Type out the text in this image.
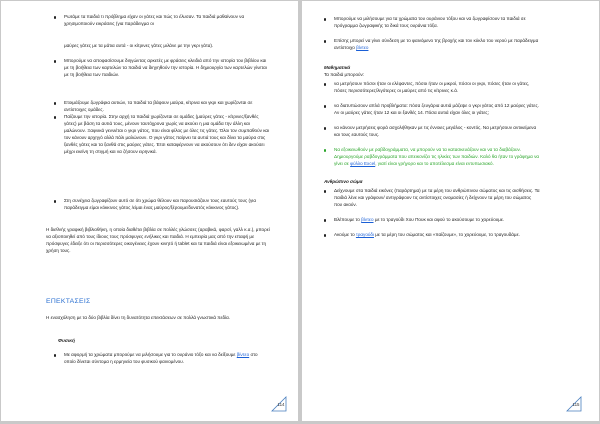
Ρωτάμε τα παιδιά τι πρόβλημα είχαν οι γάτες και πώς το έλυσαν. Τα παιδιά μαθαίνουν να χρησιμοποιούν εικράσεις (για παράδειγμα οι
μαύρες γάτες με τα μάτια αυτά - οι κίτρινες γάτες μιλάνε με την γκρι γάτα).
Μπορούμε να αποφασίσουμε διηγώντας αρκετές με φράσεις κλειδιά από την ιστορία του βιβλίου και με τη βοήθεια των καρτελών τα παιδιά να διηγηθούν την ιστορία. Η δημιουργία των καρτελών γίνεται με τη βοήθεια των παιδιών.
Ετοιμάζουμε ζωγράφια αυτιών, τα παιδιά τα βάφουν μαύρα, κίτρινα και γκρι και χωρίζονται σε αντίστοιχες ομάδες.
Παίζουμε την ιστορία. Στην αρχή τα παιδιά χωρίζονται σε ομάδες (μαύρες γάτες - κίτρινες/ξανθές γάτες) με βάση τα αυτιά τους, μένουν ταυτόχρονα χωρίς να ακούει η μια ομάδα την άλλη και μαλώνουν. Ξαφνικά γεννιέται ο γκρι γάτος, που είναι φίλος με όλες τις γάτες. Όλοι τον συμπαθούν και τον κάνουν αρχηγό αλλά πάλι μαλώνουν. Ο γκρι γάτος παίρνει τα αυτιά τους και δίνει τα μαύρα στις ξανθές γάτες και τα ξανθά στις μαύρες γάτες. Έτσι καταφέρνουν να ακούσουν ότι δεν είχαν ακούσει μέχρι εκείνη τη στιγμή και να ζήσουν ειρηνικά.
Στη συνέχεια ζωγραφίζουν αυτό σε ότι χρώμα θέλουν και παρουσιάζουν τους εαυτούς τους (για παράδειγμα είμαι κόκκινος γάτος /είμαι ένας μαύρος/ξέρουμε/δυνατός κόκκινος γάτος).
Η διεθνής γραφική βιβλιοθήκη, η οποία διαθέτει βιβλία σε πολλές γλώσσες (αραβικά, φαρσί, γαλλ κ.α.), μπορεί να αξιοποιηθεί από τους ίδιους τους πρόσφυγες ενήλικες και παιδιά. Η εμπειρία μας από την επαφή με πρόσφυγες έδειξε ότι οι περισσότερες οικογένειες έχουν κινητό ή tablet και τα παιδιά είναι εξοικειωμένα με τη χρήση τους.
ΕΠΕΚΤΑΣΕΙΣ
Η ενασχόληση με τα δύο βιβλία δίνει τη δυνατότητα επεκτάσεων σε πολλά γνωστικά πεδία.
Φυσική
Με αφορμή τα χρώματα μπορούμε να μιλήσουμε για το ουράνιο τόξο και να δείξουμε βίντεο στο οποίο δίνεται σύντομα η ερμηνεία του φυσικού φαινομένου.
114
Μπορούμε να μιλήσουμε για τα χρώματα του ουράνιου τόξου και να ζωγραφίσουν τα παιδιά σε πρόγραμμα ζωγραφικής τα δικά τους ουράνια τόξα.
Επίσης μπορεί να γίνει σύνδεση με το φαινόμενο της βροχής και τον κύκλο του νερού με παράδειγμα αντίστοιχο βίντεο
Μαθηματικά
Τα παιδιά μπορούν:
να μετρήσουν πόσοι ήταν οι ελέφαντες, πόσοι ήταν οι μικροί, πόσοι οι γκρι, πόσες ήταν οι γάτες, πόσες περισσότερες/λιγότερες οι μαύρες από τις κίτρινες κ.ά.
να διατυπώσουν απλά προβλήματα: πόσα ζευγάρια αυτιά μάζεψε ο γκρι γάτος από 12 μαύρες γάτες. Αν οι μαύρες γάτες ήταν 12 και οι ξανθές 14. Πόσα αυτιά είχαν όλες οι γάτες;
να κάνουν μετρήσεις φορά ασχολήθηκαν με τις έννοιες μεγάλος - κοντός. Να μετρήσουν αντικείμενα και τους εαυτούς τους.
Να εξοικειωθούν με ραβδογράμματα, να μπορούν να τα κατασκευάζουν και να τα διαβάζουν. Δημιουργούμε ραβδογράμματα που απεικονίζει τις ηλικίες των παιδιών. Καλό θα ήταν το γράφημα να γίνει σε φύλλο Excel, γιατί είναι γρήγορο και το αποτέλεσμα είναι εντυπωσιακό.
Ανθρώπινο σώμα
Δείχνουμε στα παιδιά εικόνες (παράρτημα) με τα μέρη του ανθρώπινου σώματος και τις αισθήσεις. Τα παιδιά λένε και γράφουν/ αντιγράφουν τις αντίστοιχες ονομασίες ή δείχνουν τα μέρη του σώματος που ακούν.
Βλέπουμε το βίντεο με το τραγούδι Χου Πουκ και αφού το ακούσουμε το χορεύουμε.
Ακούμε το τραγούδι με τα μέρη του σώματος και «παίζουμε», το χορεύουμε, το τραγουδάμε.
115
